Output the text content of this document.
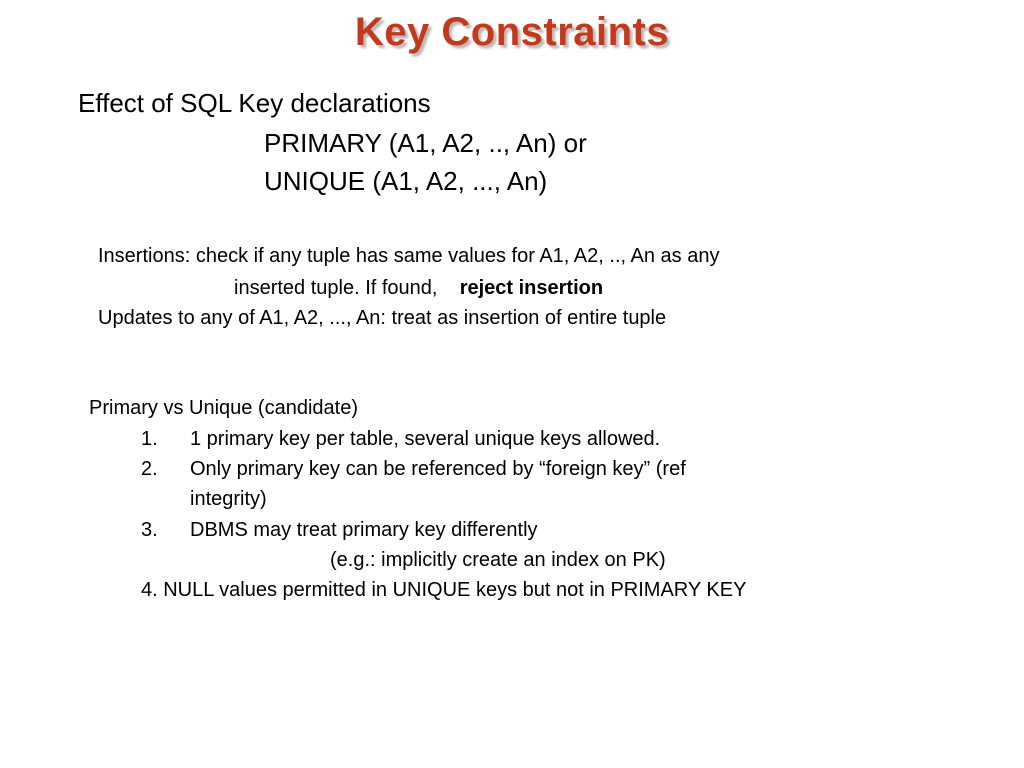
Key Constraints
Effect of SQL Key declarations
PRIMARY (A1, A2, .., An) or
UNIQUE (A1, A2, ..., An)
Insertions: check if any tuple has same values for A1, A2, .., An as any
inserted tuple. If found, reject insertion
Updates to any of A1, A2, ..., An: treat as insertion of entire tuple
Primary vs Unique (candidate)
1. 1 primary key per table, several unique keys allowed.
2. Only primary key can be referenced by “foreign key” (ref
integrity)
3. DBMS may treat primary key differently
(e.g.: implicitly create an index on PK)
4. NULL values permitted in UNIQUE keys but not in PRIMARY KEY
